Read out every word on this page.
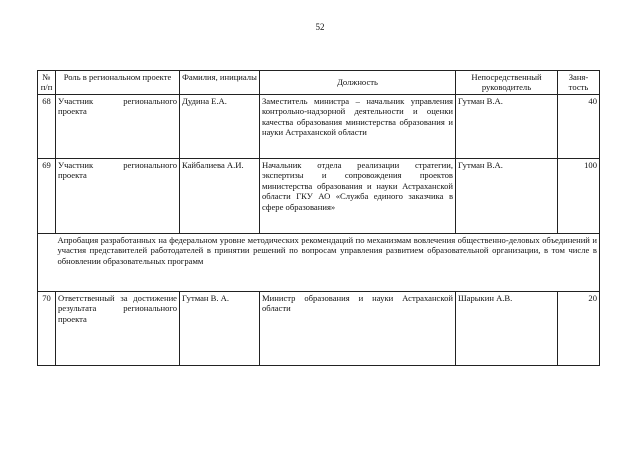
52
№ п/п	Роль в региональном проекте	Фамилия, инициалы	Должность	Непосредственный руководитель	Заня-тость
68	Участник регионального проекта	Дудина Е.А.	Заместитель министра – начальник управления контрольно-надзорной деятельности и оценки качества образования министерства образования и науки Астраханской области	Гутман В.А.	40
69	Участник регионального проекта	Кайбалиева А.И.	Начальник отдела реализации стратегии, экспертизы и сопровождения проектов министерства образования и науки Астраханской области ГКУ АО «Служба единого заказчика в сфере образования»	Гутман В.А.	100
	Апробация разработанных на федеральном уровне методических рекомендаций по механизмам вовлечения общественно-деловых объединений и участия представителей работодателей в принятии решений по вопросам управления развитием образовательной организации, в том числе в обновлении образовательных программ				
70	Ответственный за достижение результата регионального проекта	Гутман В. А.	Министр образования и науки Астраханской области	Шарыкин А.В.	20
